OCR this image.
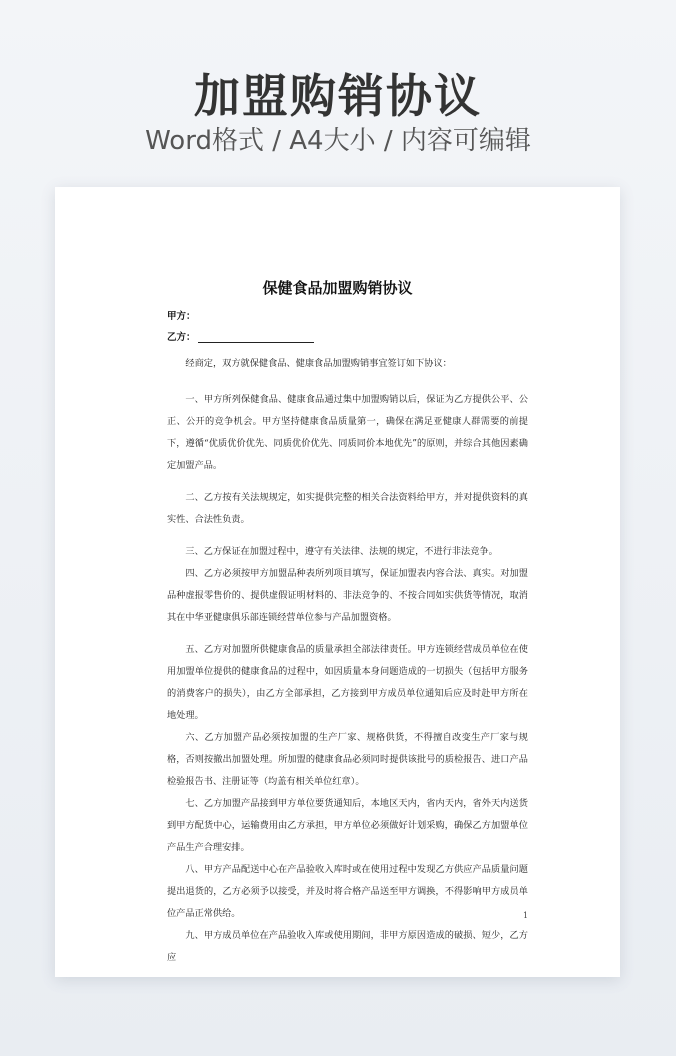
加盟购销协议
Word格式 / A4大小 / 内容可编辑
保健食品加盟购销协议
甲方：
乙方：

经商定，双方就保健食品、健康食品加盟购销事宜签订如下协议：

一、甲方所列保健食品、健康食品通过集中加盟购销以后，保证为乙方提供公平、公正、公开的竞争机会。甲方坚持健康食品质量第一，确保在满足亚健康人群需要的前提下，遵循“优质优价优先、同质优价优先、同质同价本地优先”的原则，并综合其他因素确定加盟产品。

二、乙方按有关法规规定，如实提供完整的相关合法资料给甲方，并对提供资料的真实性、合法性负责。

三、乙方保证在加盟过程中，遵守有关法律、法规的规定，不进行非法竞争。

四、乙方必须按甲方加盟品种表所列项目填写，保证加盟表内容合法、真实。对加盟品种虚报零售价的、提供虚假证明材料的、非法竞争的、不按合同如实供货等情况，取消其在中华亚健康俱乐部连锁经营单位参与产品加盟资格。

五、乙方对加盟所供健康食品的质量承担全部法律责任。甲方连锁经营成员单位在使用加盟单位提供的健康食品的过程中，如因质量本身问题造成的一切损失（包括甲方服务的消费客户的损失），由乙方全部承担，乙方接到甲方成员单位通知后应及时赴甲方所在地处理。

六、乙方加盟产品必须按加盟的生产厂家、规格供货，不得擅自改变生产厂家与规格，否则按撤出加盟处理。所加盟的健康食品必须同时提供该批号的质检报告、进口产品检验报告书、注册证等（均盖有相关单位红章）。

七、乙方加盟产品接到甲方单位要货通知后，本地区天内，省内天内，省外天内送货到甲方配货中心，运输费用由乙方承担，甲方单位必须做好计划采购，确保乙方加盟单位产品生产合理安排。

八、甲方产品配送中心在产品验收入库时或在使用过程中发现乙方供应产品质量问题提出退货的，乙方必须予以接受，并及时将合格产品送至甲方调换，不得影响甲方成员单位产品正常供给。

九、甲方成员单位在产品验收入库或使用期间，非甲方原因造成的破损、短少，乙方应

1
